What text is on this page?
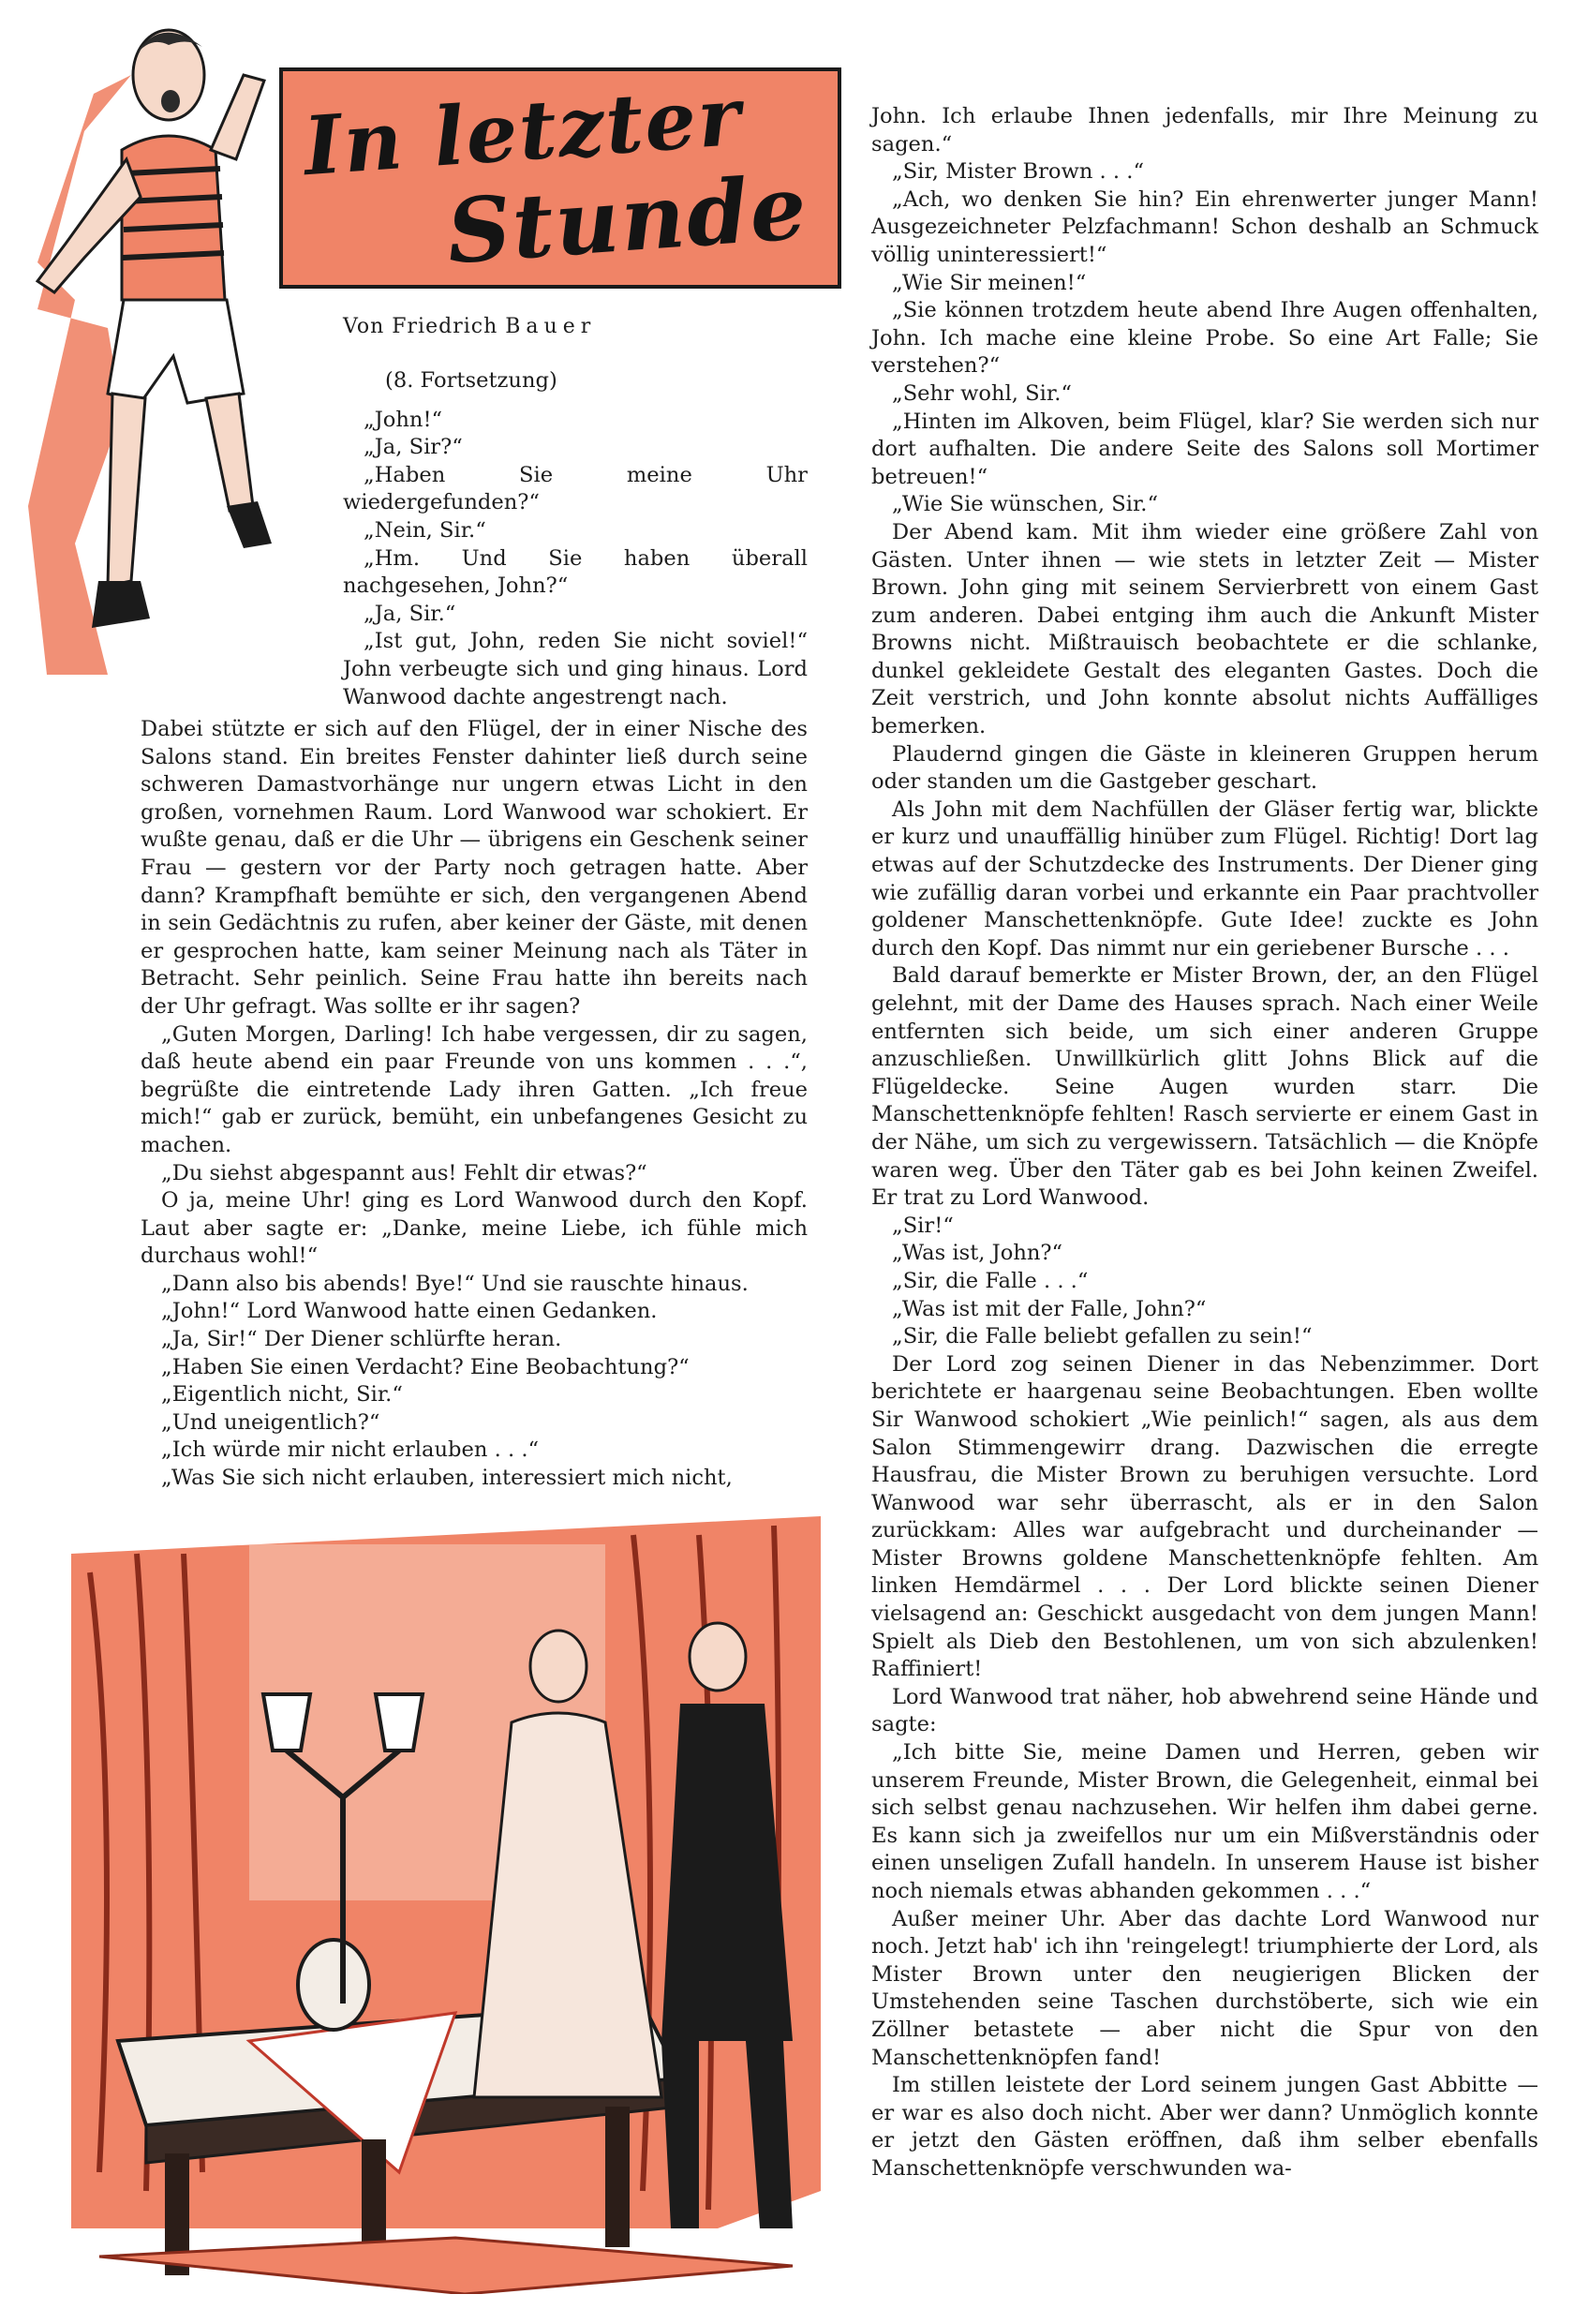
In letzter
Stunde
Von Friedrich Bauer

(8. Fortsetzung)

„John!“

„Ja, Sir?“

„Haben Sie meine Uhr wiedergefunden?“

„Nein, Sir.“

„Hm. Und Sie haben überall nachgesehen, John?“

„Ja, Sir.“

„Ist gut, John, reden Sie nicht soviel!“ John verbeugte sich und ging hinaus. Lord Wanwood dachte angestrengt nach.

Dabei stützte er sich auf den Flügel, der in einer Nische des Salons stand. Ein breites Fenster dahinter ließ durch seine schweren Damastvorhänge nur ungern etwas Licht in den großen, vornehmen Raum. Lord Wanwood war schokiert. Er wußte genau, daß er die Uhr — übrigens ein Geschenk seiner Frau — gestern vor der Party noch getragen hatte. Aber dann? Krampfhaft bemühte er sich, den vergangenen Abend in sein Gedächtnis zu rufen, aber keiner der Gäste, mit denen er gesprochen hatte, kam seiner Meinung nach als Täter in Betracht. Sehr peinlich. Seine Frau hatte ihn bereits nach der Uhr gefragt. Was sollte er ihr sagen?

„Guten Morgen, Darling! Ich habe vergessen, dir zu sagen, daß heute abend ein paar Freunde von uns kommen . . .“, begrüßte die eintretende Lady ihren Gatten. „Ich freue mich!“ gab er zurück, bemüht, ein unbefangenes Gesicht zu machen.

„Du siehst abgespannt aus! Fehlt dir etwas?“

O ja, meine Uhr! ging es Lord Wanwood durch den Kopf. Laut aber sagte er: „Danke, meine Liebe, ich fühle mich durchaus wohl!“

„Dann also bis abends! Bye!“ Und sie rauschte hinaus.

„John!“ Lord Wanwood hatte einen Gedanken.

„Ja, Sir!“ Der Diener schlürfte heran.

„Haben Sie einen Verdacht? Eine Beobachtung?“

„Eigentlich nicht, Sir.“

„Und uneigentlich?“

„Ich würde mir nicht erlauben . . .“

„Was Sie sich nicht erlauben, interessiert mich nicht,

John. Ich erlaube Ihnen jedenfalls, mir Ihre Meinung zu sagen.“

„Sir, Mister Brown . . .“

„Ach, wo denken Sie hin? Ein ehrenwerter junger Mann! Ausgezeichneter Pelzfachmann! Schon deshalb an Schmuck völlig uninteressiert!“

„Wie Sir meinen!“

„Sie können trotzdem heute abend Ihre Augen offenhalten, John. Ich mache eine kleine Probe. So eine Art Falle; Sie verstehen?“

„Sehr wohl, Sir.“

„Hinten im Alkoven, beim Flügel, klar? Sie werden sich nur dort aufhalten. Die andere Seite des Salons soll Mortimer betreuen!“

„Wie Sie wünschen, Sir.“

Der Abend kam. Mit ihm wieder eine größere Zahl von Gästen. Unter ihnen — wie stets in letzter Zeit — Mister Brown. John ging mit seinem Servierbrett von einem Gast zum anderen. Dabei entging ihm auch die Ankunft Mister Browns nicht. Mißtrauisch beobachtete er die schlanke, dunkel gekleidete Gestalt des eleganten Gastes. Doch die Zeit verstrich, und John konnte absolut nichts Auffälliges bemerken.

Plaudernd gingen die Gäste in kleineren Gruppen herum oder standen um die Gastgeber geschart.

Als John mit dem Nachfüllen der Gläser fertig war, blickte er kurz und unauffällig hinüber zum Flügel. Richtig! Dort lag etwas auf der Schutzdecke des Instruments. Der Diener ging wie zufällig daran vorbei und erkannte ein Paar prachtvoller goldener Manschettenknöpfe. Gute Idee! zuckte es John durch den Kopf. Das nimmt nur ein geriebener Bursche . . .

Bald darauf bemerkte er Mister Brown, der, an den Flügel gelehnt, mit der Dame des Hauses sprach. Nach einer Weile entfernten sich beide, um sich einer anderen Gruppe anzuschließen. Unwillkürlich glitt Johns Blick auf die Flügeldecke. Seine Augen wurden starr. Die Manschettenknöpfe fehlten! Rasch servierte er einem Gast in der Nähe, um sich zu vergewissern. Tatsächlich — die Knöpfe waren weg. Über den Täter gab es bei John keinen Zweifel. Er trat zu Lord Wanwood.

„Sir!“

„Was ist, John?“

„Sir, die Falle . . .“

„Was ist mit der Falle, John?“

„Sir, die Falle beliebt gefallen zu sein!“

Der Lord zog seinen Diener in das Nebenzimmer. Dort berichtete er haargenau seine Beobachtungen. Eben wollte Sir Wanwood schokiert „Wie peinlich!“ sagen, als aus dem Salon Stimmengewirr drang. Dazwischen die erregte Hausfrau, die Mister Brown zu beruhigen versuchte. Lord Wanwood war sehr überrascht, als er in den Salon zurückkam: Alles war aufgebracht und durcheinander — Mister Browns goldene Manschettenknöpfe fehlten. Am linken Hemdärmel . . . Der Lord blickte seinen Diener vielsagend an: Geschickt ausgedacht von dem jungen Mann! Spielt als Dieb den Bestohlenen, um von sich abzulenken! Raffiniert!

Lord Wanwood trat näher, hob abwehrend seine Hände und sagte:

„Ich bitte Sie, meine Damen und Herren, geben wir unserem Freunde, Mister Brown, die Gelegenheit, einmal bei sich selbst genau nachzusehen. Wir helfen ihm dabei gerne. Es kann sich ja zweifellos nur um ein Mißverständnis oder einen unseligen Zufall handeln. In unserem Hause ist bisher noch niemals etwas abhanden gekommen . . .“

Außer meiner Uhr. Aber das dachte Lord Wanwood nur noch. Jetzt hab' ich ihn 'reingelegt! triumphierte der Lord, als Mister Brown unter den neugierigen Blicken der Umstehenden seine Taschen durchstöberte, sich wie ein Zöllner betastete — aber nicht die Spur von den Manschettenknöpfen fand!

Im stillen leistete der Lord seinem jungen Gast Abbitte — er war es also doch nicht. Aber wer dann? Unmöglich konnte er jetzt den Gästen eröffnen, daß ihm selber ebenfalls Manschettenknöpfe verschwunden wa-
